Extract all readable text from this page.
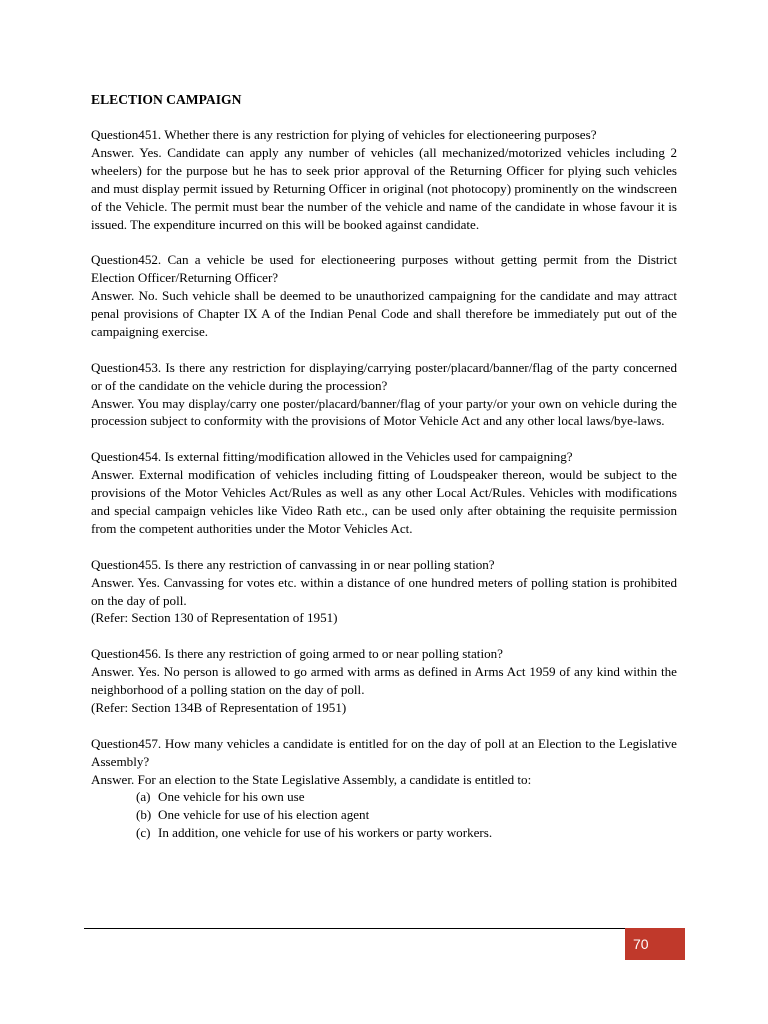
ELECTION CAMPAIGN

Question451. Whether there is any restriction for plying of vehicles for electioneering purposes?

Answer. Yes. Candidate can apply any number of vehicles (all mechanized/motorized vehicles including 2 wheelers) for the purpose but he has to seek prior approval of the Returning Officer for plying such vehicles and must display permit issued by Returning Officer in original (not photocopy) prominently on the windscreen of the Vehicle. The permit must bear the number of the vehicle and name of the candidate in whose favour it is issued. The expenditure incurred on this will be booked against candidate.

Question452. Can a vehicle be used for electioneering purposes without getting permit from the District Election Officer/Returning Officer?

Answer. No. Such vehicle shall be deemed to be unauthorized campaigning for the candidate and may attract penal provisions of Chapter IX A of the Indian Penal Code and shall therefore be immediately put out of the campaigning exercise.

Question453. Is there any restriction for displaying/carrying poster/placard/banner/flag of the party concerned or of the candidate on the vehicle during the procession?

Answer. You may display/carry one poster/placard/banner/flag of your party/or your own on vehicle during the procession subject to conformity with the provisions of Motor Vehicle Act and any other local laws/bye-laws.

Question454. Is external fitting/modification allowed in the Vehicles used for campaigning?

Answer. External modification of vehicles including fitting of Loudspeaker thereon, would be subject to the provisions of the Motor Vehicles Act/Rules as well as any other Local Act/Rules. Vehicles with modifications and special campaign vehicles like Video Rath etc., can be used only after obtaining the requisite permission from the competent authorities under the Motor Vehicles Act.

Question455. Is there any restriction of canvassing in or near polling station?

Answer. Yes. Canvassing for votes etc. within a distance of one hundred meters of polling station is prohibited on the day of poll.

(Refer: Section 130 of Representation of 1951)

Question456. Is there any restriction of going armed to or near polling station?

Answer. Yes. No person is allowed to go armed with arms as defined in Arms Act 1959 of any kind within the neighborhood of a polling station on the day of poll.

(Refer: Section 134B of Representation of 1951)

Question457. How many vehicles a candidate is entitled for on the day of poll at an Election to the Legislative Assembly?

Answer. For an election to the State Legislative Assembly, a candidate is entitled to:

(a) One vehicle for his own use
(b) One vehicle for use of his election agent
(c) In addition, one vehicle for use of his workers or party workers.
70
